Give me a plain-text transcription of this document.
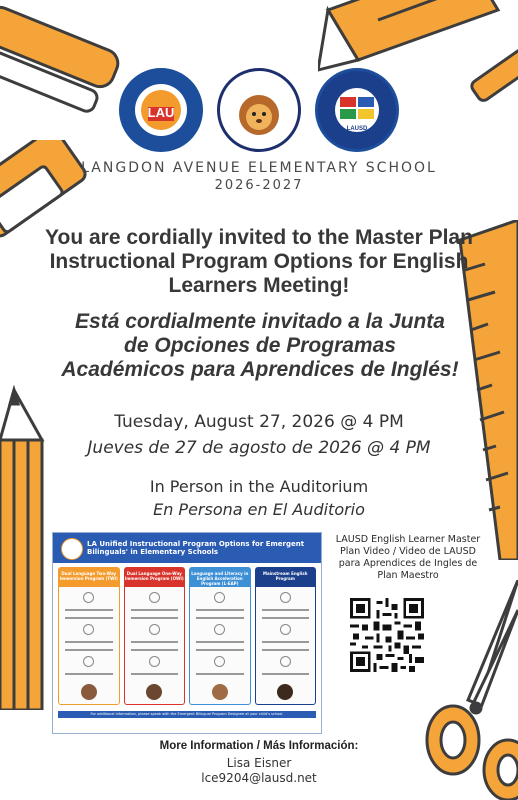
LAU
LAUSD
LANGDON AVENUE ELEMENTARY SCHOOL
2026-2027
You are cordially invited to the Master Plan Instructional Program Options for English Learners Meeting!
Está cordialmente invitado a la Junta de Opciones de Programas Académicos para Aprendices de Inglés!
Tuesday, August 27, 2026 @ 4 PM
Jueves de 27 de agosto de 2026 @ 4 PM
In Person in the Auditorium
En Persona en El Auditorio
LA Unified Instructional Program Options for Emergent Bilinguals' in Elementary Schools
Dual Language Two-Way Immersion Program (TWI)
Dual Language One-Way Immersion Program (OWI)
Language and Literacy in English Acceleration Program (L-EAP)
Mainstream English Program
For additional information, please speak with the Emergent Bilingual Program Designee at your child's school.
LAUSD English Learner Master Plan Video / Video de LAUSD para Aprendices de Ingles de Plan Maestro
More Information / Más Información:
Lisa Eisner
lce9204@lausd.net
